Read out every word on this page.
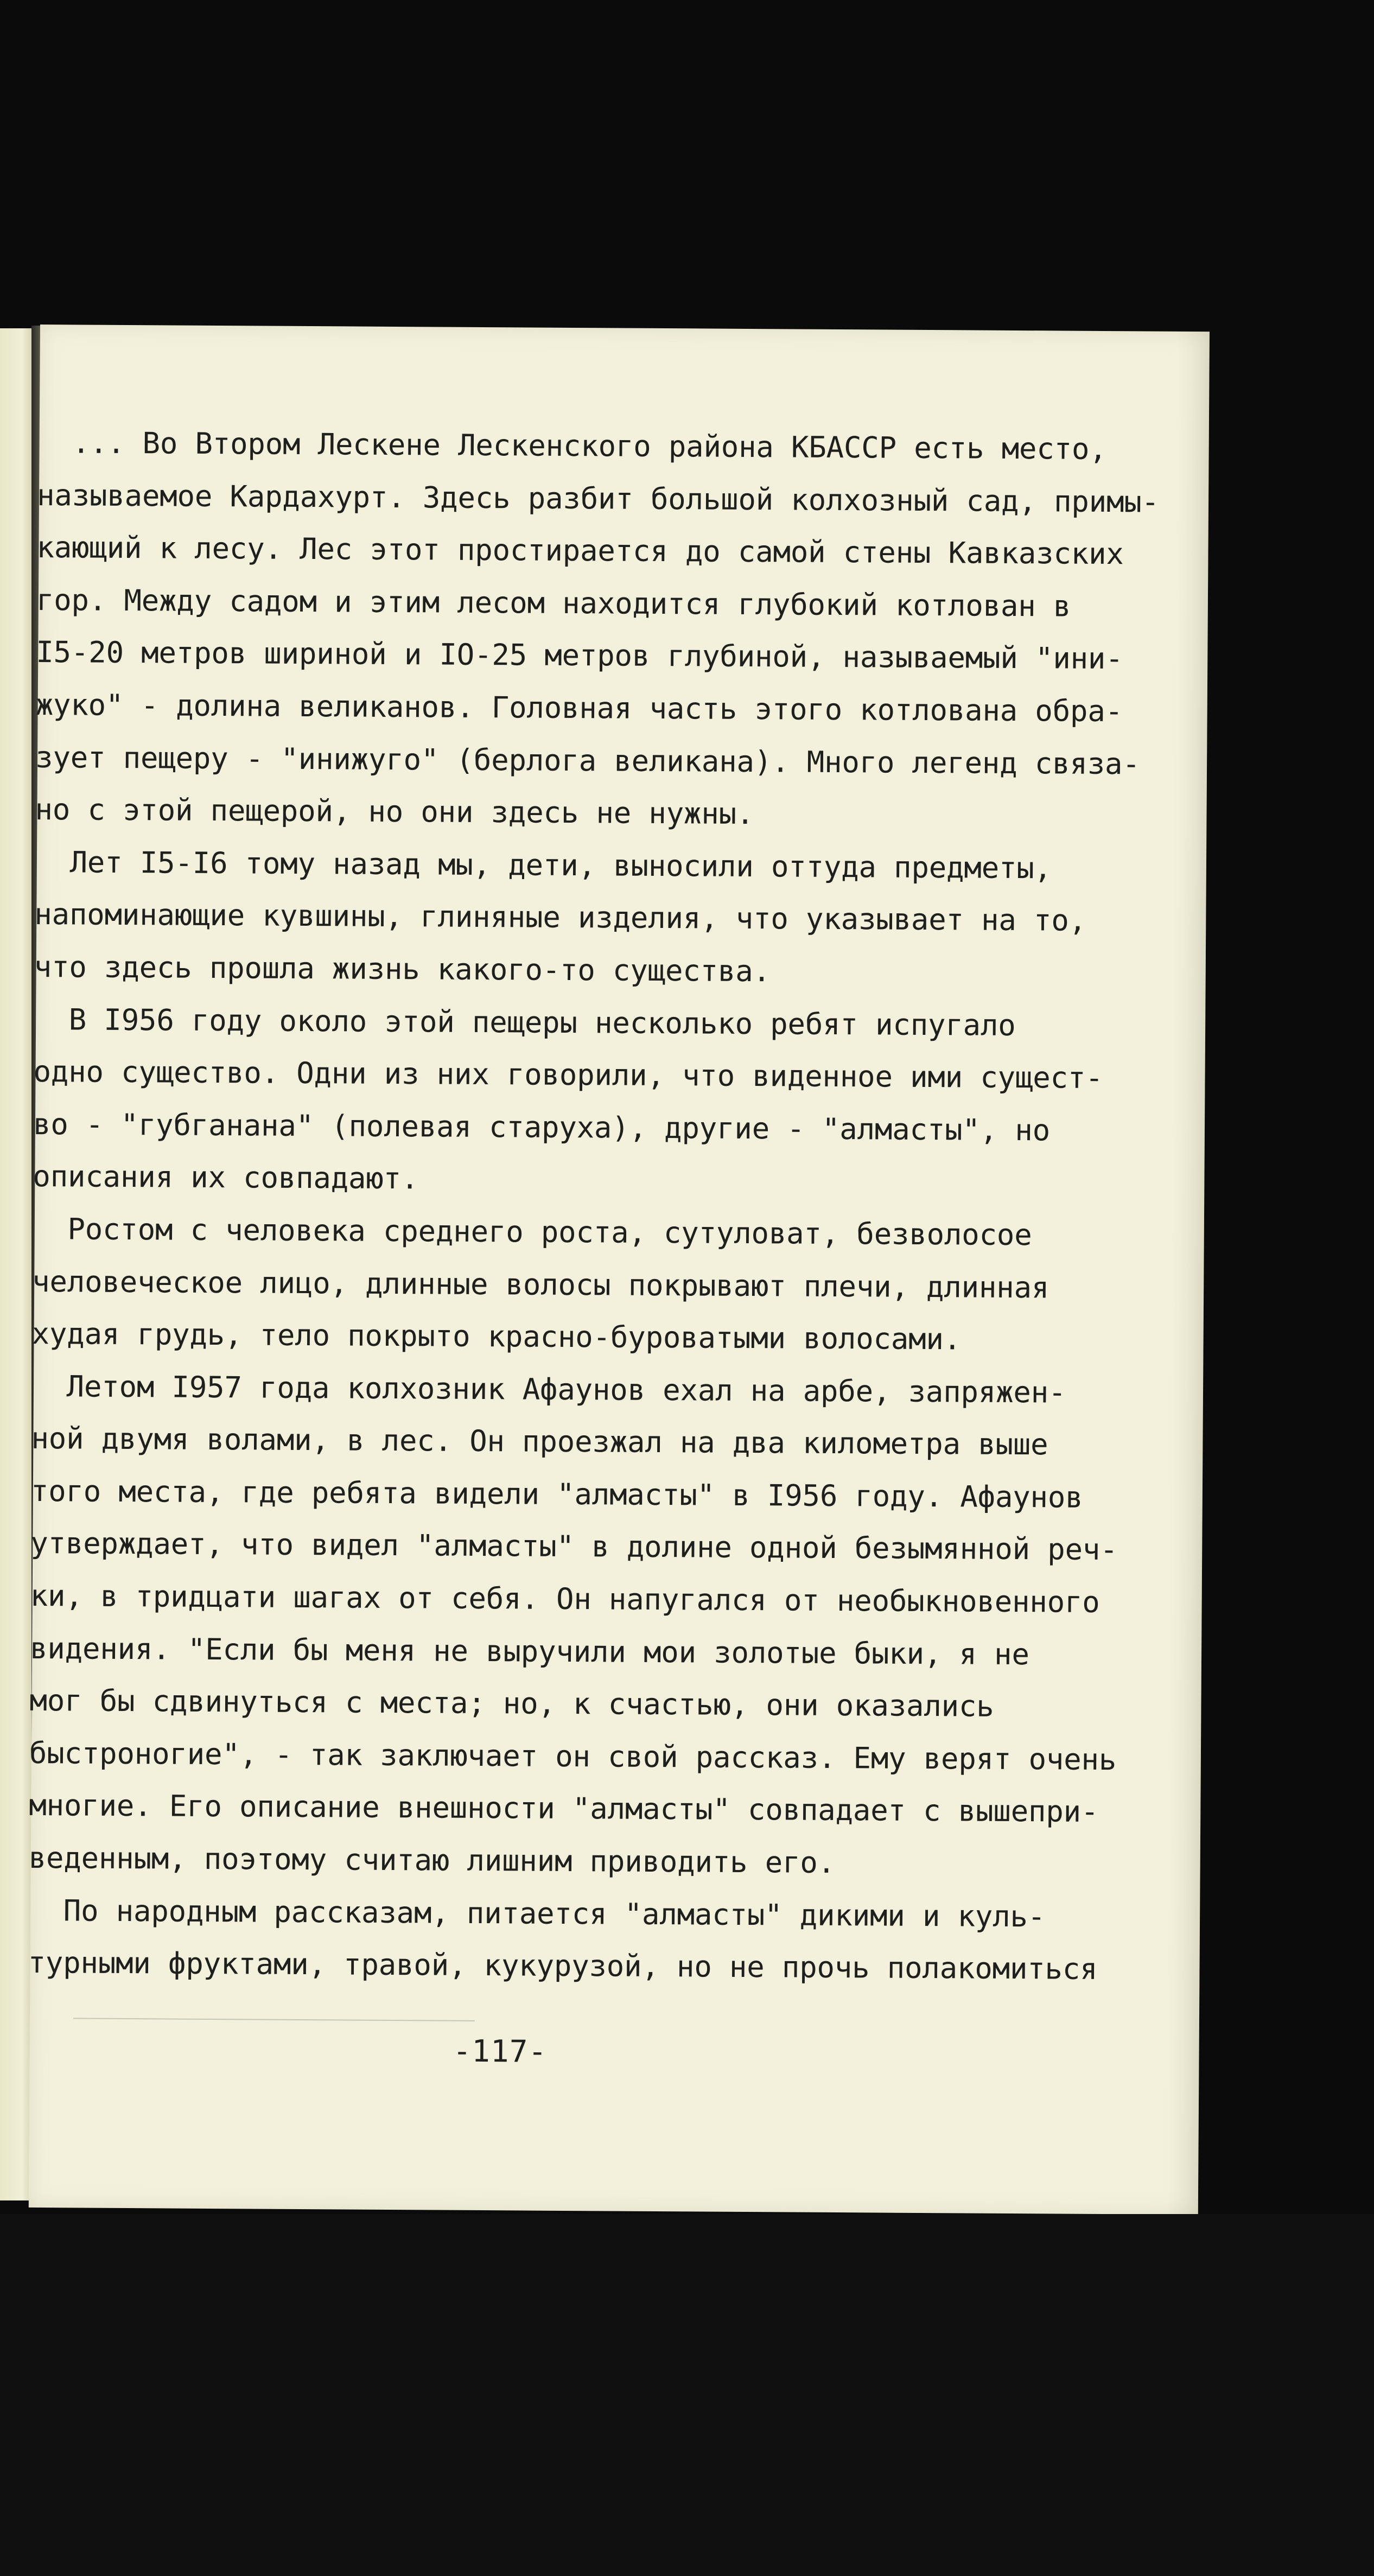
... Во Втором Лескене Лескенского района КБАССР есть место,
называемое Кардахурт. Здесь разбит большой колхозный сад, примы-
кающий к лесу. Лес этот простирается до самой стены Кавказских
гор. Между садом и этим лесом находится глубокий котлован в
I5-20 метров шириной и IO-25 метров глубиной, называемый "ини-
жуко" - долина великанов. Головная часть этого котлована обра-
зует пещеру - "инижуго" (берлога великана). Много легенд связа-
но с этой пещерой, но они здесь не нужны.
Лет I5-I6 тому назад мы, дети, выносили оттуда предметы,
напоминающие кувшины, глиняные изделия, что указывает на то,
что здесь прошла жизнь какого-то существа.
В I956 году около этой пещеры несколько ребят испугало
одно существо. Одни из них говорили, что виденное ими сущест-
во - "губганана" (полевая старуха), другие - "алмасты", но
описания их совпадают.
Ростом с человека среднего роста, сутуловат, безволосое
человеческое лицо, длинные волосы покрывают плечи, длинная
худая грудь, тело покрыто красно-буроватыми волосами.
Летом I957 года колхозник Афаунов ехал на арбе, запряжен-
ной двумя волами, в лес. Он проезжал на два километра выше
того места, где ребята видели "алмасты" в I956 году. Афаунов
утверждает, что видел "алмасты" в долине одной безымянной реч-
ки, в тридцати шагах от себя. Он напугался от необыкновенного
видения. "Если бы меня не выручили мои золотые быки, я не
мог бы сдвинуться с места; но, к счастью, они оказались
быстроногие", - так заключает он свой рассказ. Ему верят очень
многие. Его описание внешности "алмасты" совпадает с вышепри-
веденным, поэтому считаю лишним приводить его.
По народным рассказам, питается "алмасты" дикими и куль-
турными фруктами, травой, кукурузой, но не прочь полакомиться
-117-
